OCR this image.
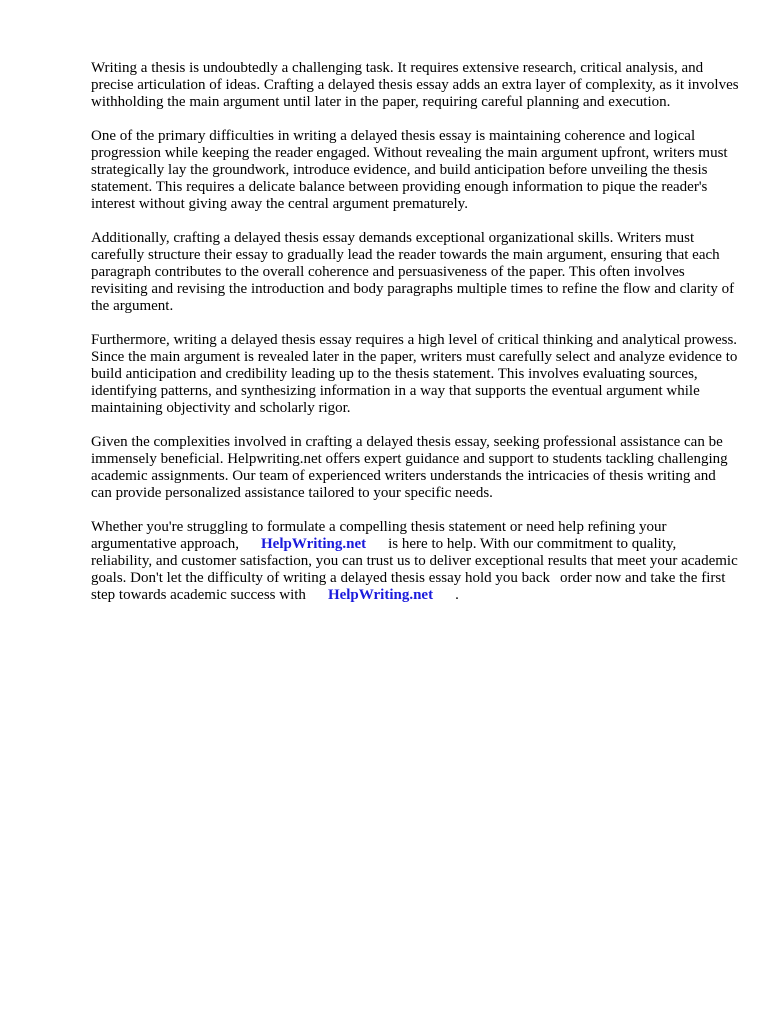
Writing a thesis is undoubtedly a challenging task. It requires extensive research, critical analysis, and precise articulation of ideas. Crafting a delayed thesis essay adds an extra layer of complexity, as it involves withholding the main argument until later in the paper, requiring careful planning and execution.

One of the primary difficulties in writing a delayed thesis essay is maintaining coherence and logical progression while keeping the reader engaged. Without revealing the main argument upfront, writers must strategically lay the groundwork, introduce evidence, and build anticipation before unveiling the thesis statement. This requires a delicate balance between providing enough information to pique the reader's interest without giving away the central argument prematurely.

Additionally, crafting a delayed thesis essay demands exceptional organizational skills. Writers must carefully structure their essay to gradually lead the reader towards the main argument, ensuring that each paragraph contributes to the overall coherence and persuasiveness of the paper. This often involves revisiting and revising the introduction and body paragraphs multiple times to refine the flow and clarity of the argument.

Furthermore, writing a delayed thesis essay requires a high level of critical thinking and analytical prowess. Since the main argument is revealed later in the paper, writers must carefully select and analyze evidence to build anticipation and credibility leading up to the thesis statement. This involves evaluating sources, identifying patterns, and synthesizing information in a way that supports the eventual argument while maintaining objectivity and scholarly rigor.

Given the complexities involved in crafting a delayed thesis essay, seeking professional assistance can be immensely beneficial. Helpwriting.net offers expert guidance and support to students tackling challenging academic assignments. Our team of experienced writers understands the intricacies of thesis writing and can provide personalized assistance tailored to your specific needs.

Whether you're struggling to formulate a compelling thesis statement or need help refining your argumentative approach, HelpWriting.net is here to help. With our commitment to quality, reliability, and customer satisfaction, you can trust us to deliver exceptional results that meet your academic goals. Don't let the difficulty of writing a delayed thesis essay hold you back order now and take the first step towards academic success with HelpWriting.net .
